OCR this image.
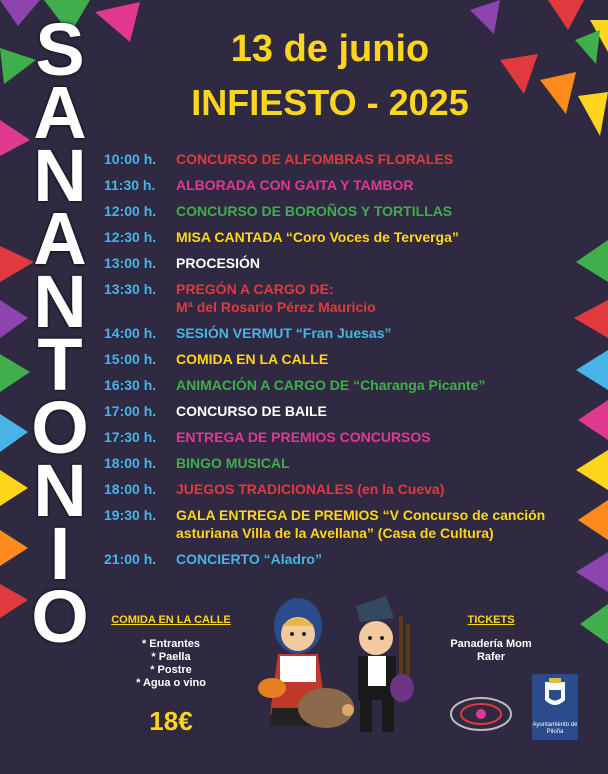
S
A
N
A
N
T
O
N
I
O
13 de junio
INFIESTO - 2025
10:00 h.	CONCURSO DE ALFOMBRAS FLORALES
11:30 h.	ALBORADA CON GAITA Y TAMBOR
12:00 h.	CONCURSO DE BOROÑOS Y TORTILLAS
12:30 h.	MISA CANTADA “Coro Voces de Terverga”
13:00 h.	PROCESIÓN
13:30 h.	PREGÓN A CARGO DE:
Mª del Rosario Pérez Mauricio
14:00 h.	SESIÓN VERMUT “Fran Juesas”
15:00 h.	COMIDA EN LA CALLE
16:30 h.	ANIMACIÓN A CARGO DE “Charanga Picante”
17:00 h.	CONCURSO DE BAILE
17:30 h.	ENTREGA DE PREMIOS CONCURSOS
18:00 h.	BINGO MUSICAL
18:00 h.	JUEGOS TRADICIONALES (en la Cueva)
19:30 h.	GALA ENTREGA DE PREMIOS “V Concurso de canción asturiana Villa de la Avellana” (Casa de Cultura)
21:00 h.	CONCIERTO “Aladro”
COMIDA EN LA CALLE
* Entrantes
* Paella
* Postre
* Agua o vino
18€
TICKETS
Panadería Mom
Rafer
Ayuntamiento de Piloña
